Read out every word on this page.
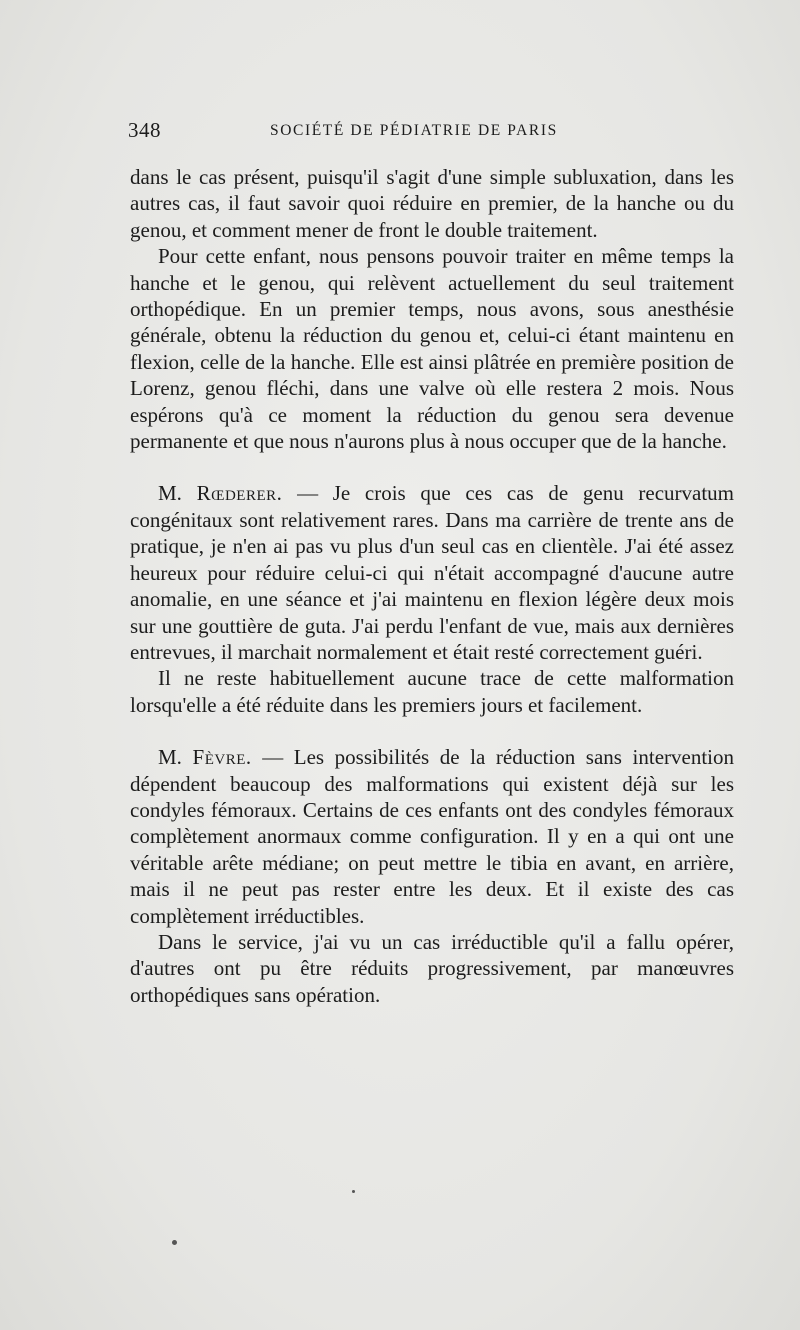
348	SOCIÉTÉ DE PÉDIATRIE DE PARIS

dans le cas présent, puisqu'il s'agit d'une simple subluxation, dans les autres cas, il faut savoir quoi réduire en premier, de la hanche ou du genou, et comment mener de front le double traitement.

Pour cette enfant, nous pensons pouvoir traiter en même temps la hanche et le genou, qui relèvent actuellement du seul traitement orthopédique. En un premier temps, nous avons, sous anesthésie générale, obtenu la réduction du genou et, celui-ci étant maintenu en flexion, celle de la hanche. Elle est ainsi plâtrée en première position de Lorenz, genou fléchi, dans une valve où elle restera 2 mois. Nous espérons qu'à ce moment la réduction du genou sera devenue permanente et que nous n'aurons plus à nous occuper que de la hanche.

M. Rœderer. — Je crois que ces cas de genu recurvatum congénitaux sont relativement rares. Dans ma carrière de trente ans de pratique, je n'en ai pas vu plus d'un seul cas en clientèle. J'ai été assez heureux pour réduire celui-ci qui n'était accompagné d'aucune autre anomalie, en une séance et j'ai maintenu en flexion légère deux mois sur une gouttière de guta. J'ai perdu l'enfant de vue, mais aux dernières entrevues, il marchait normalement et était resté correctement guéri.

Il ne reste habituellement aucune trace de cette malformation lorsqu'elle a été réduite dans les premiers jours et facilement.

M. Fèvre. — Les possibilités de la réduction sans intervention dépendent beaucoup des malformations qui existent déjà sur les condyles fémoraux. Certains de ces enfants ont des condyles fémoraux complètement anormaux comme configuration. Il y en a qui ont une véritable arête médiane; on peut mettre le tibia en avant, en arrière, mais il ne peut pas rester entre les deux. Et il existe des cas complètement irréductibles.

Dans le service, j'ai vu un cas irréductible qu'il a fallu opérer, d'autres ont pu être réduits progressivement, par manœuvres orthopédiques sans opération.
